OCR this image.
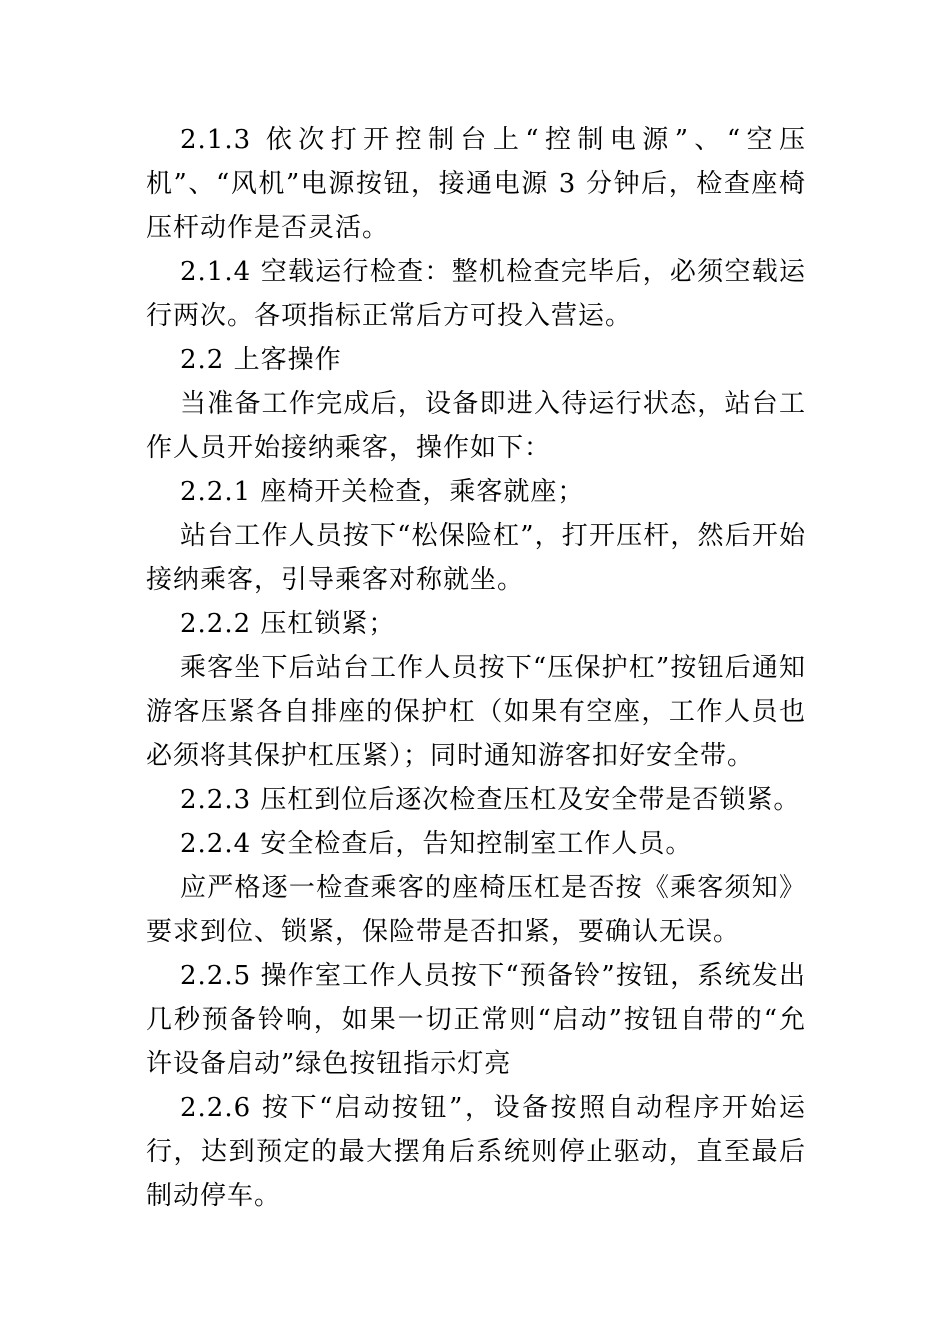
2.1.3 依次打开控制台上“控制电源”、“空压机”、“风机”电源按钮，接通电源 3 分钟后，检查座椅压杆动作是否灵活。

2.1.4 空载运行检查：整机检查完毕后，必须空载运行两次。各项指标正常后方可投入营运。

2.2 上客操作

当准备工作完成后，设备即进入待运行状态，站台工作人员开始接纳乘客，操作如下：

2.2.1 座椅开关检查，乘客就座；

站台工作人员按下“松保险杠”，打开压杆，然后开始接纳乘客，引导乘客对称就坐。

2.2.2 压杠锁紧；

乘客坐下后站台工作人员按下“压保护杠”按钮后通知游客压紧各自排座的保护杠（如果有空座，工作人员也必须将其保护杠压紧）；同时通知游客扣好安全带。

2.2.3 压杠到位后逐次检查压杠及安全带是否锁紧。

2.2.4 安全检查后，告知控制室工作人员。

应严格逐一检查乘客的座椅压杠是否按《乘客须知》要求到位、锁紧，保险带是否扣紧，要确认无误。

2.2.5 操作室工作人员按下“预备铃”按钮，系统发出几秒预备铃响，如果一切正常则“启动”按钮自带的“允许设备启动”绿色按钮指示灯亮

2.2.6 按下“启动按钮”，设备按照自动程序开始运行，达到预定的最大摆角后系统则停止驱动，直至最后制动停车。
